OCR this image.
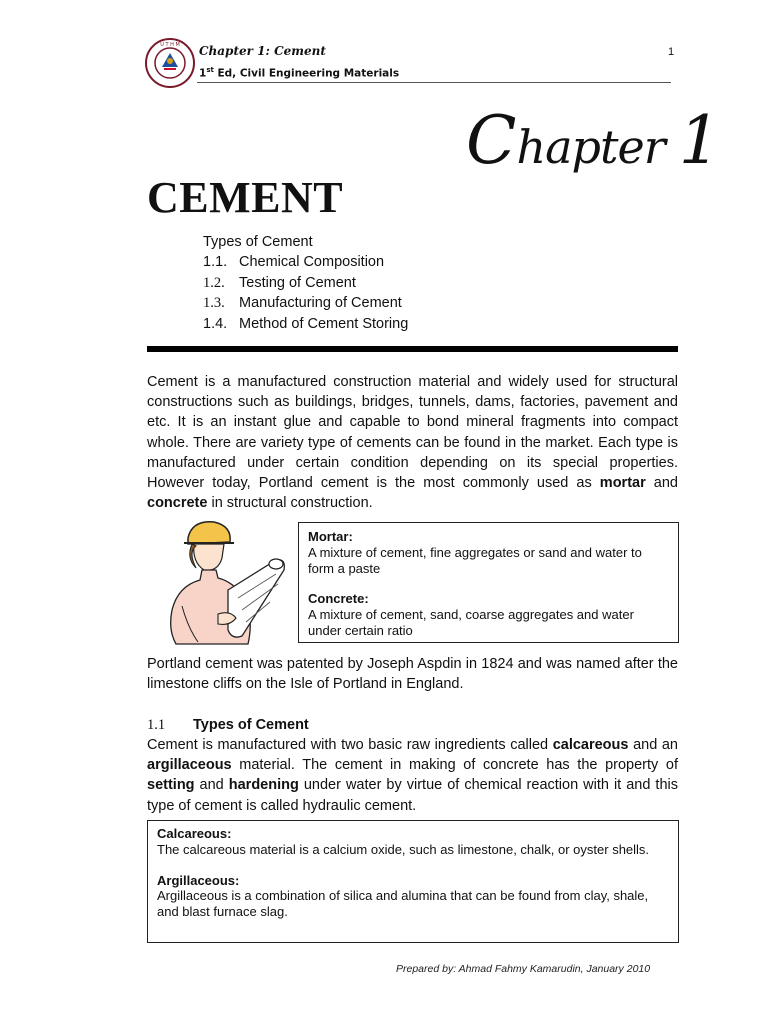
U T H M Chapter 1: Cement
1st Ed, Civil Engineering Materials
1
Chapter 1
CEMENT
Types of Cement
1.1. Chemical Composition
1.2. Testing of Cement
1.3. Manufacturing of Cement
1.4. Method of Cement Storing
Cement is a manufactured construction material and widely used for structural constructions such as buildings, bridges, tunnels, dams, factories, pavement and etc. It is an instant glue and capable to bond mineral fragments into compact whole. There are variety type of cements can be found in the market. Each type is manufactured under certain condition depending on its special properties. However today, Portland cement is the most commonly used as mortar and concrete in structural construction.
Mortar:
A mixture of cement, fine aggregates or sand and water to form a paste
Concrete:
A mixture of cement, sand, coarse aggregates and water under certain ratio
Portland cement was patented by Joseph Aspdin in 1824 and was named after the limestone cliffs on the Isle of Portland in England.
1.1 Types of Cement
Cement is manufactured with two basic raw ingredients called calcareous and an argillaceous material. The cement in making of concrete has the property of setting and hardening under water by virtue of chemical reaction with it and this type of cement is called hydraulic cement.
Calcareous:
The calcareous material is a calcium oxide, such as limestone, chalk, or oyster shells.
Argillaceous:
Argillaceous is a combination of silica and alumina that can be found from clay, shale, and blast furnace slag.
Prepared by: Ahmad Fahmy Kamarudin, January 2010
